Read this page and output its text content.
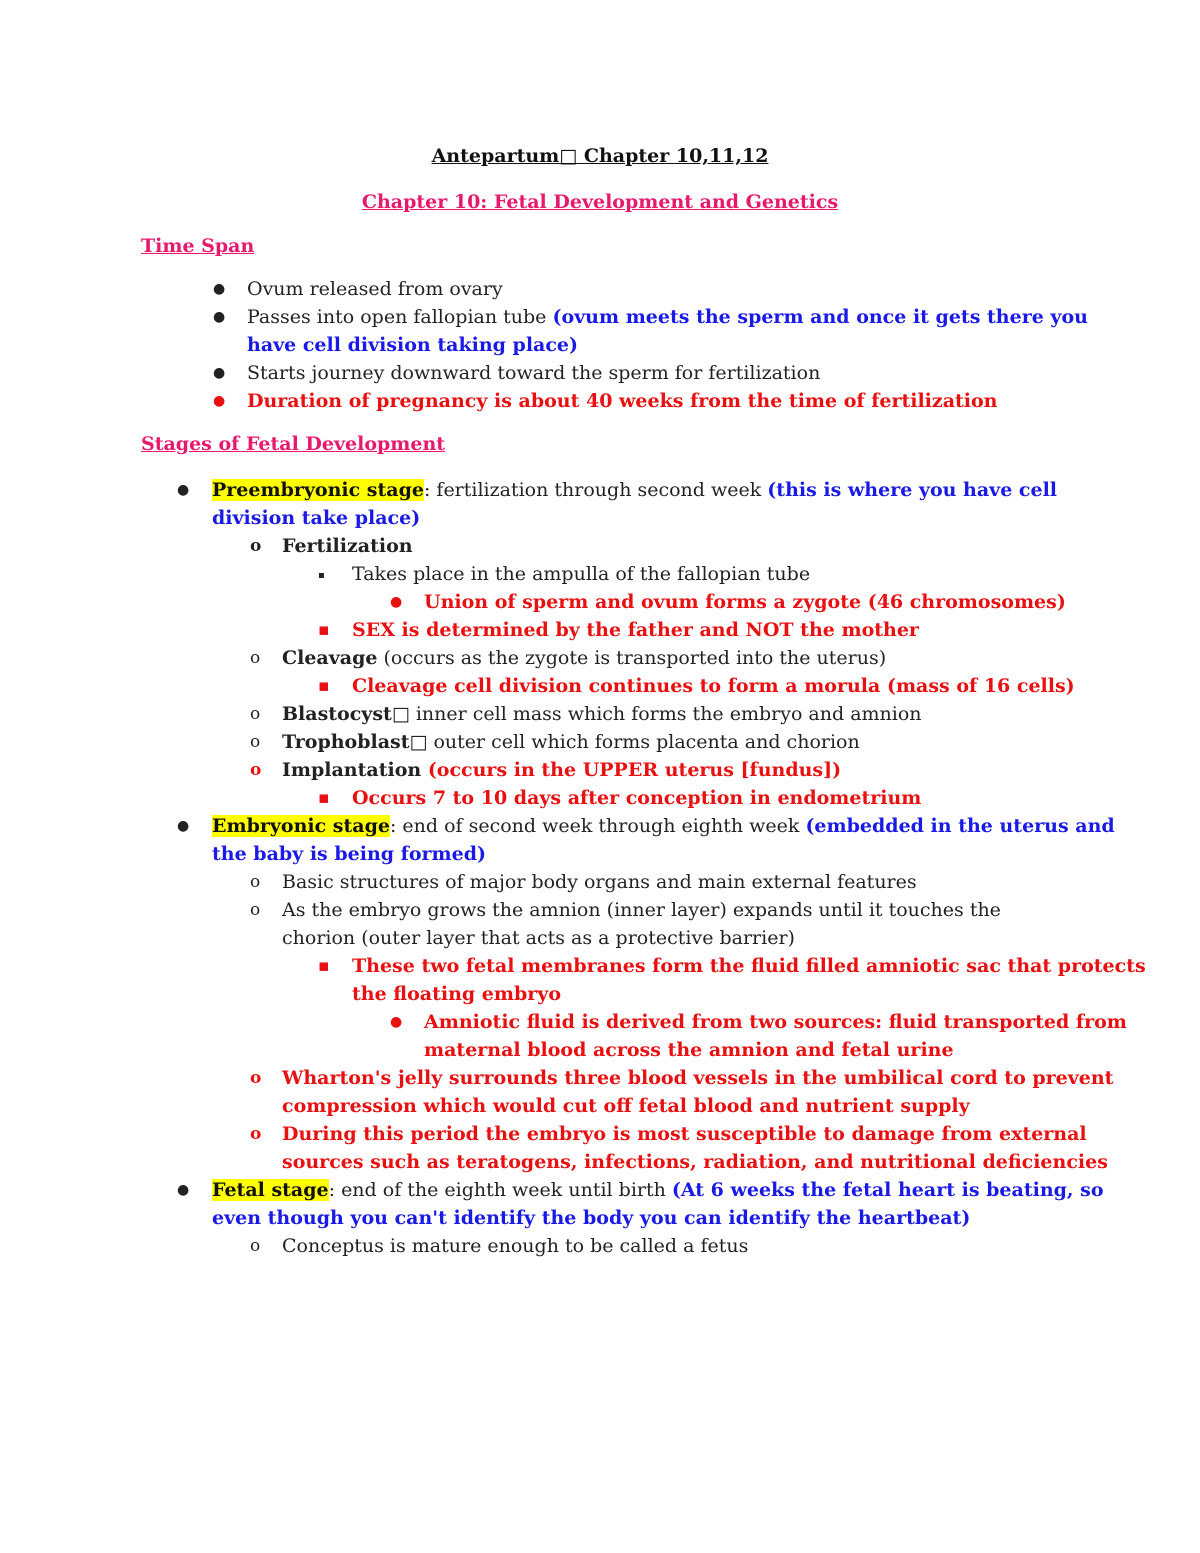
Antepartum□ Chapter 10,11,12
Chapter 10: Fetal Development and Genetics
Time Span
●
Ovum released from ovary
●
Passes into open fallopian tube (ovum meets the sperm and once it gets there you
have cell division taking place)
●
Starts journey downward toward the sperm for fertilization
●
Duration of pregnancy is about 40 weeks from the time of fertilization
Stages of Fetal Development
●
Preembryonic stage: fertilization through second week (this is where you have cell
division take place)
o
Fertilization
▪
Takes place in the ampulla of the fallopian tube
●
Union of sperm and ovum forms a zygote (46 chromosomes)
▪
SEX is determined by the father and NOT the mother
o
Cleavage (occurs as the zygote is transported into the uterus)
▪
Cleavage cell division continues to form a morula (mass of 16 cells)
o
Blastocyst□ inner cell mass which forms the embryo and amnion
o
Trophoblast□ outer cell which forms placenta and chorion
o
Implantation (occurs in the UPPER uterus [fundus])
▪
Occurs 7 to 10 days after conception in endometrium
●
Embryonic stage: end of second week through eighth week (embedded in the uterus and
the baby is being formed)
o
Basic structures of major body organs and main external features
o
As the embryo grows the amnion (inner layer) expands until it touches the
chorion (outer layer that acts as a protective barrier)
▪
These two fetal membranes form the fluid filled amniotic sac that protects
the floating embryo
●
Amniotic fluid is derived from two sources: fluid transported from
maternal blood across the amnion and fetal urine
o
Wharton's jelly surrounds three blood vessels in the umbilical cord to prevent
compression which would cut off fetal blood and nutrient supply
o
During this period the embryo is most susceptible to damage from external
sources such as teratogens, infections, radiation, and nutritional deficiencies
●
Fetal stage: end of the eighth week until birth (At 6 weeks the fetal heart is beating, so
even though you can't identify the body you can identify the heartbeat)
o
Conceptus is mature enough to be called a fetus
